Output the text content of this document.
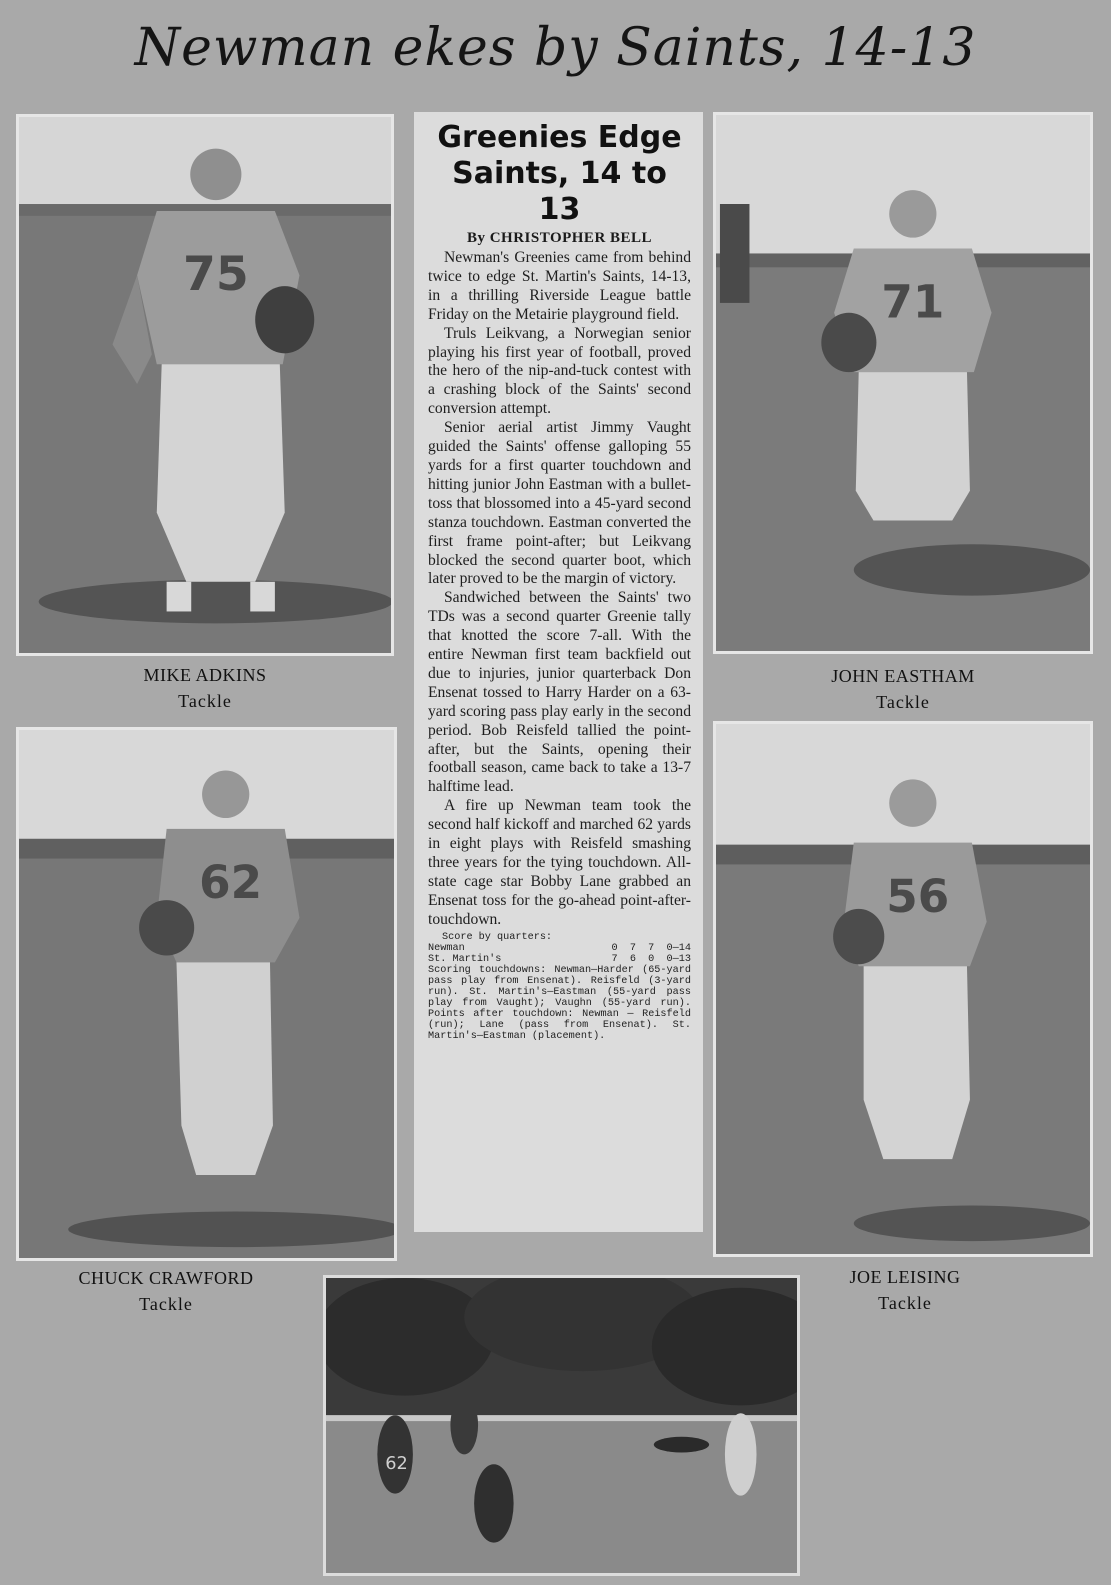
Newman ekes by Saints, 14-13
75
MIKE ADKINS
Tackle
71
JOHN EASTHAM
Tackle
62
CHUCK CRAWFORD
Tackle
56
JOE LEISING
Tackle
62
Greenies Edge
Saints, 14 to 13
By CHRISTOPHER BELL

Newman's Greenies came from behind twice to edge St. Martin's Saints, 14-13, in a thrilling Riverside League battle Friday on the Metairie playground field.

Truls Leikvang, a Norwegian senior playing his first year of football, proved the hero of the nip-and-tuck contest with a crashing block of the Saints' second conversion attempt.

Senior aerial artist Jimmy Vaught guided the Saints' offense galloping 55 yards for a first quarter touchdown and hitting junior John Eastman with a bullet-toss that blossomed into a 45-yard second stanza touchdown. Eastman converted the first frame point-after; but Leikvang blocked the second quarter boot, which later proved to be the margin of victory.

Sandwiched between the Saints' two TDs was a second quarter Greenie tally that knotted the score 7-all. With the entire Newman first team backfield out due to injuries, junior quarterback Don Ensenat tossed to Harry Harder on a 63-yard scoring pass play early in the second period. Bob Reisfeld tallied the point-after, but the Saints, opening their football season, came back to take a 13-7 halftime lead.

A fire up Newman team took the second half kickoff and marched 62 yards in eight plays with Reisfeld smashing three years for the tying touchdown. All-state cage star Bobby Lane grabbed an Ensenat toss for the go-ahead point-after-touchdown.

Score by quarters:
Newman	0  7  7  0—14
St. Martin's	7  6  0  0—13
Scoring touchdowns: Newman—Harder (65-yard pass play from Ensenat). Reisfeld (3-yard run). St. Martin's—Eastman (55-yard pass play from Vaught); Vaughn (55-yard run). Points after touchdown: Newman — Reisfeld (run); Lane (pass from Ensenat). St. Martin's—Eastman (placement).
